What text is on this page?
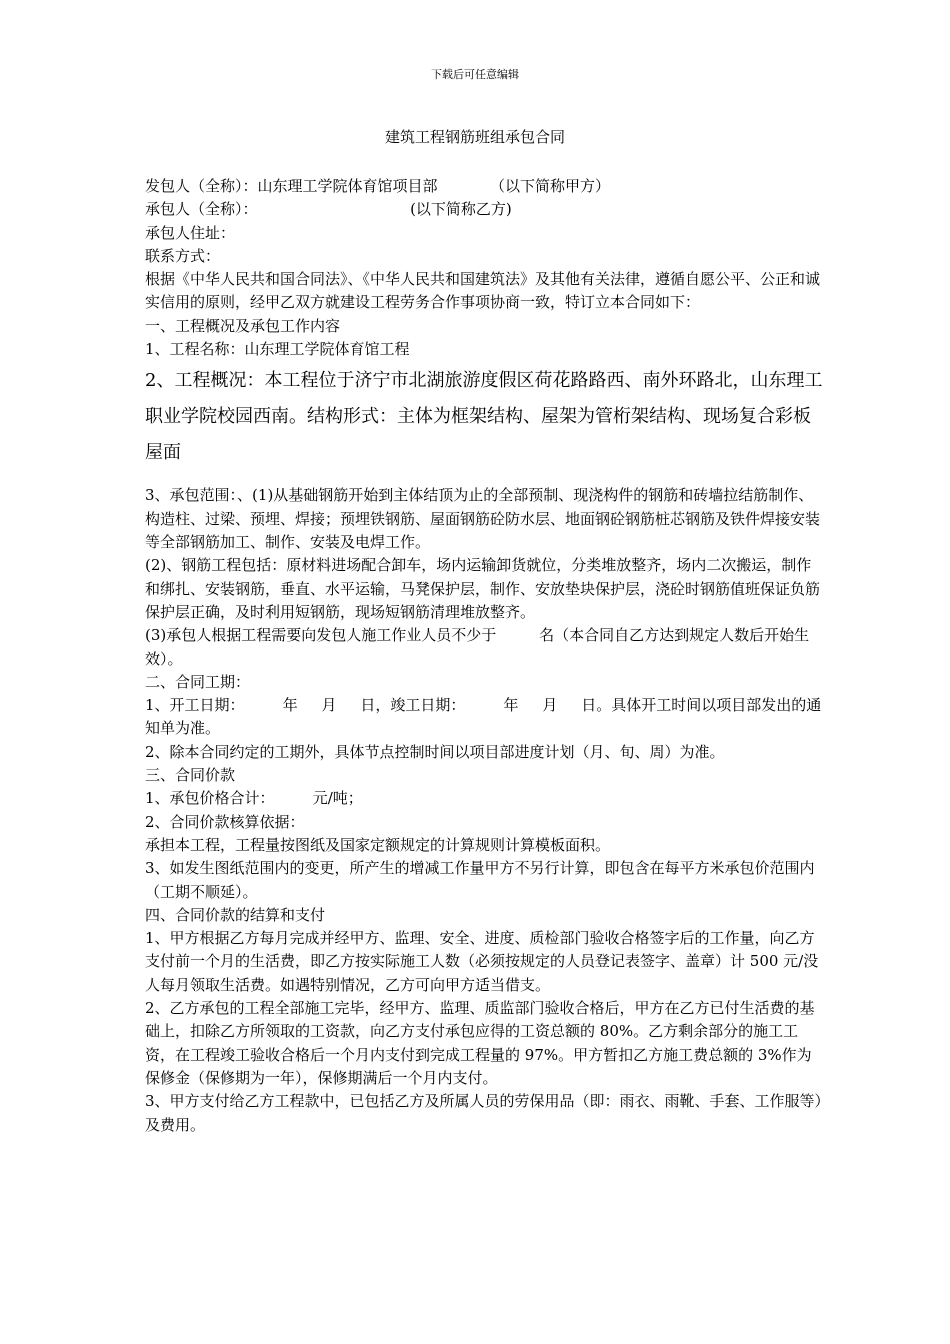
下载后可任意编辑
建筑工程钢筋班组承包合同

发包人（全称）：山东理工学院体育馆项目部           （以下简称甲方）

承包人（全称）：                                (以下简称乙方)

承包人住址：

联系方式：

根据《中华人民共和国合同法》、《中华人民共和国建筑法》及其他有关法律，遵循自愿公平、公正和诚实信用的原则，经甲乙双方就建设工程劳务合作事项协商一致，特订立本合同如下：

一、工程概况及承包工作内容

1、工程名称：山东理工学院体育馆工程

2、工程概况：本工程位于济宁市北湖旅游度假区荷花路路西、南外环路北，山东理工职业学院校园西南。结构形式：主体为框架结构、屋架为管桁架结构、现场复合彩板屋面

3、承包范围：、(1)从基础钢筋开始到主体结顶为止的全部预制、现浇构件的钢筋和砖墙拉结筋制作、构造柱、过梁、预埋、焊接；预埋铁钢筋、屋面钢筋砼防水层、地面钢砼钢筋桩芯钢筋及铁件焊接安装等全部钢筋加工、制作、安装及电焊工作。

(2)、钢筋工程包括：原材料进场配合卸车，场内运输卸货就位，分类堆放整齐，场内二次搬运，制作和绑扎、安装钢筋，垂直、水平运输，马凳保护层，制作、安放垫块保护层，浇砼时钢筋值班保证负筋保护层正确，及时利用短钢筋，现场短钢筋清理堆放整齐。

(3)承包人根据工程需要向发包人施工作业人员不少于         名（本合同自乙方达到规定人数后开始生效）。

二、合同工期：

1、开工日期：        年     月     日，竣工日期：        年     月     日。具体开工时间以项目部发出的通知单为准。

2、除本合同约定的工期外，具体节点控制时间以项目部进度计划（月、旬、周）为准。

三、合同价款

1、承包价格合计：        元/吨；

2、合同价款核算依据：

承担本工程，工程量按图纸及国家定额规定的计算规则计算模板面积。

3、如发生图纸范围内的变更，所产生的增减工作量甲方不另行计算，即包含在每平方米承包价范围内（工期不顺延）。

四、合同价款的结算和支付

1、甲方根据乙方每月完成并经甲方、监理、安全、进度、质检部门验收合格签字后的工作量，向乙方支付前一个月的生活费，即乙方按实际施工人数（必须按规定的人员登记表签字、盖章）计 500 元/没人每月领取生活费。如遇特别情况，乙方可向甲方适当借支。

2、乙方承包的工程全部施工完毕，经甲方、监理、质监部门验收合格后，甲方在乙方已付生活费的基础上，扣除乙方所领取的工资款，向乙方支付承包应得的工资总额的 80%。乙方剩余部分的施工工资，在工程竣工验收合格后一个月内支付到完成工程量的 97%。甲方暂扣乙方施工费总额的 3%作为保修金（保修期为一年），保修期满后一个月内支付。

3、甲方支付给乙方工程款中，已包括乙方及所属人员的劳保用品（即：雨衣、雨靴、手套、工作服等）及费用。
